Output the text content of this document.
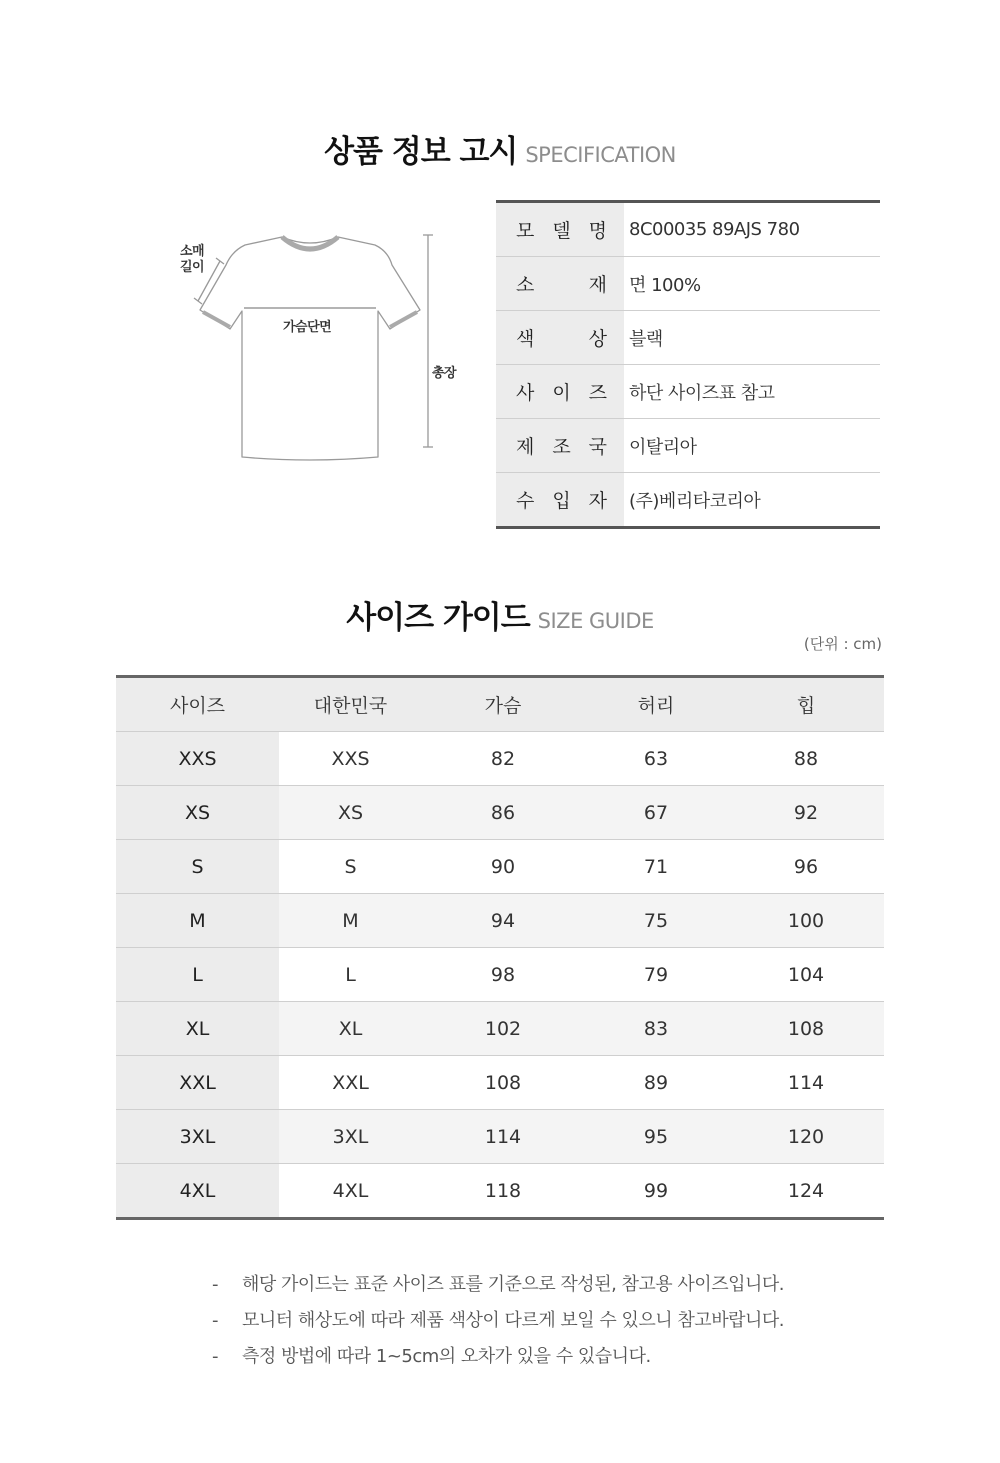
상품 정보 고시 SPECIFICATION
소매
길이
가슴단면
총장
모 델 명 8C00035 89AJS 780
소	재 면 100%
색	상 블랙
사 이 즈 하단 사이즈표 참고
제 조 국 이탈리아
수 입 자 (주)베리타코리아
사이즈 가이드 SIZE GUIDE
(단위 : cm)
사이즈	대한민국	가슴	허리	힙
XXS	XXS	82	63	88
XS	XS	86	67	92
S	S	90	71	96
M	M	94	75	100
L	L	98	79	104
XL	XL	102	83	108
XXL	XXL	108	89	114
3XL	3XL	114	95	120
4XL	4XL	118	99	124
- 해당 가이드는 표준 사이즈 표를 기준으로 작성된, 참고용 사이즈입니다.
- 모니터 해상도에 따라 제품 색상이 다르게 보일 수 있으니 참고바랍니다.
- 측정 방법에 따라 1~5cm의 오차가 있을 수 있습니다.
